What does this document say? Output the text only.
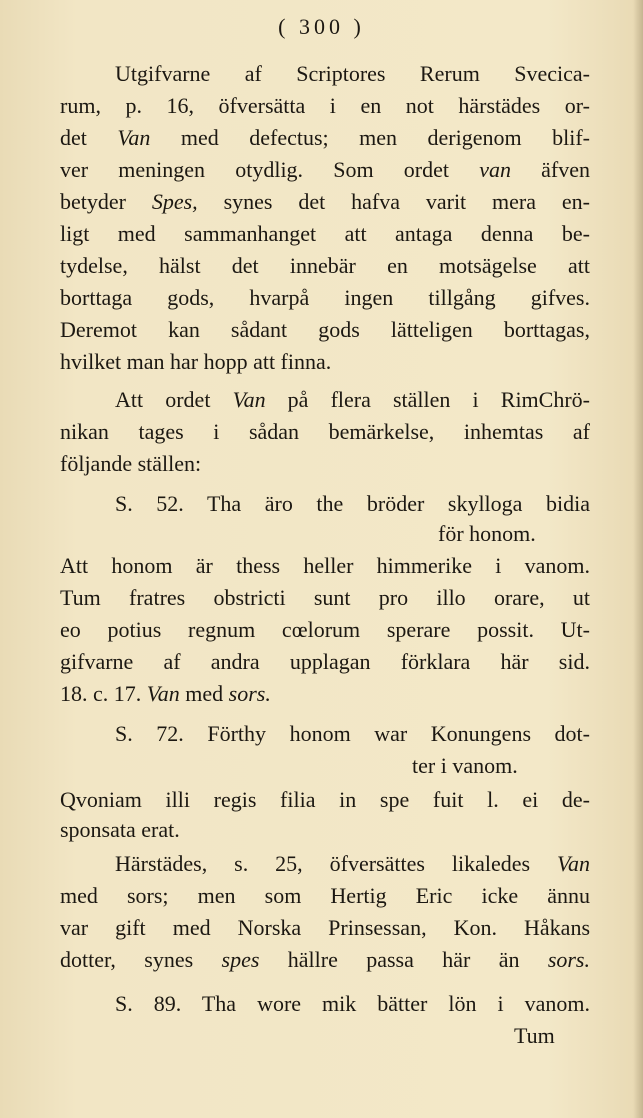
( 300 )
Utgifvarne af Scriptores Rerum Svecica-
rum, p. 16, öfversätta i en not härstädes or-
det Van med defectus; men derigenom blif-
ver meningen otydlig. Som ordet van äfven
betyder Spes, synes det hafva varit mera en-
ligt med sammanhanget att antaga denna be-
tydelse, hälst det innebär en motsägelse att
borttaga gods, hvarpå ingen tillgång gifves.
Deremot kan sådant gods lätteligen borttagas,
hvilket man har hopp att finna.
Att ordet Van på flera ställen i RimChrö-
nikan tages i sådan bemärkelse, inhemtas af
följande ställen:
S. 52. Tha äro the bröder skylloga bidia
för honom.
Att honom är thess heller himmerike i vanom.
Tum fratres obstricti sunt pro illo orare, ut
eo potius regnum cœlorum sperare possit. Ut-
gifvarne af andra upplagan förklara här sid.
18. c. 17. Van med sors.
S. 72. Förthy honom war Konungens dot-
ter i vanom.
Qvoniam illi regis filia in spe fuit l. ei de-
sponsata erat.
Härstädes, s. 25, öfversättes likaledes Van
med sors; men som Hertig Eric icke ännu
var gift med Norska Prinsessan, Kon. Håkans
dotter, synes spes hällre passa här än sors.
S. 89. Tha wore mik bätter lön i vanom.
Tum
